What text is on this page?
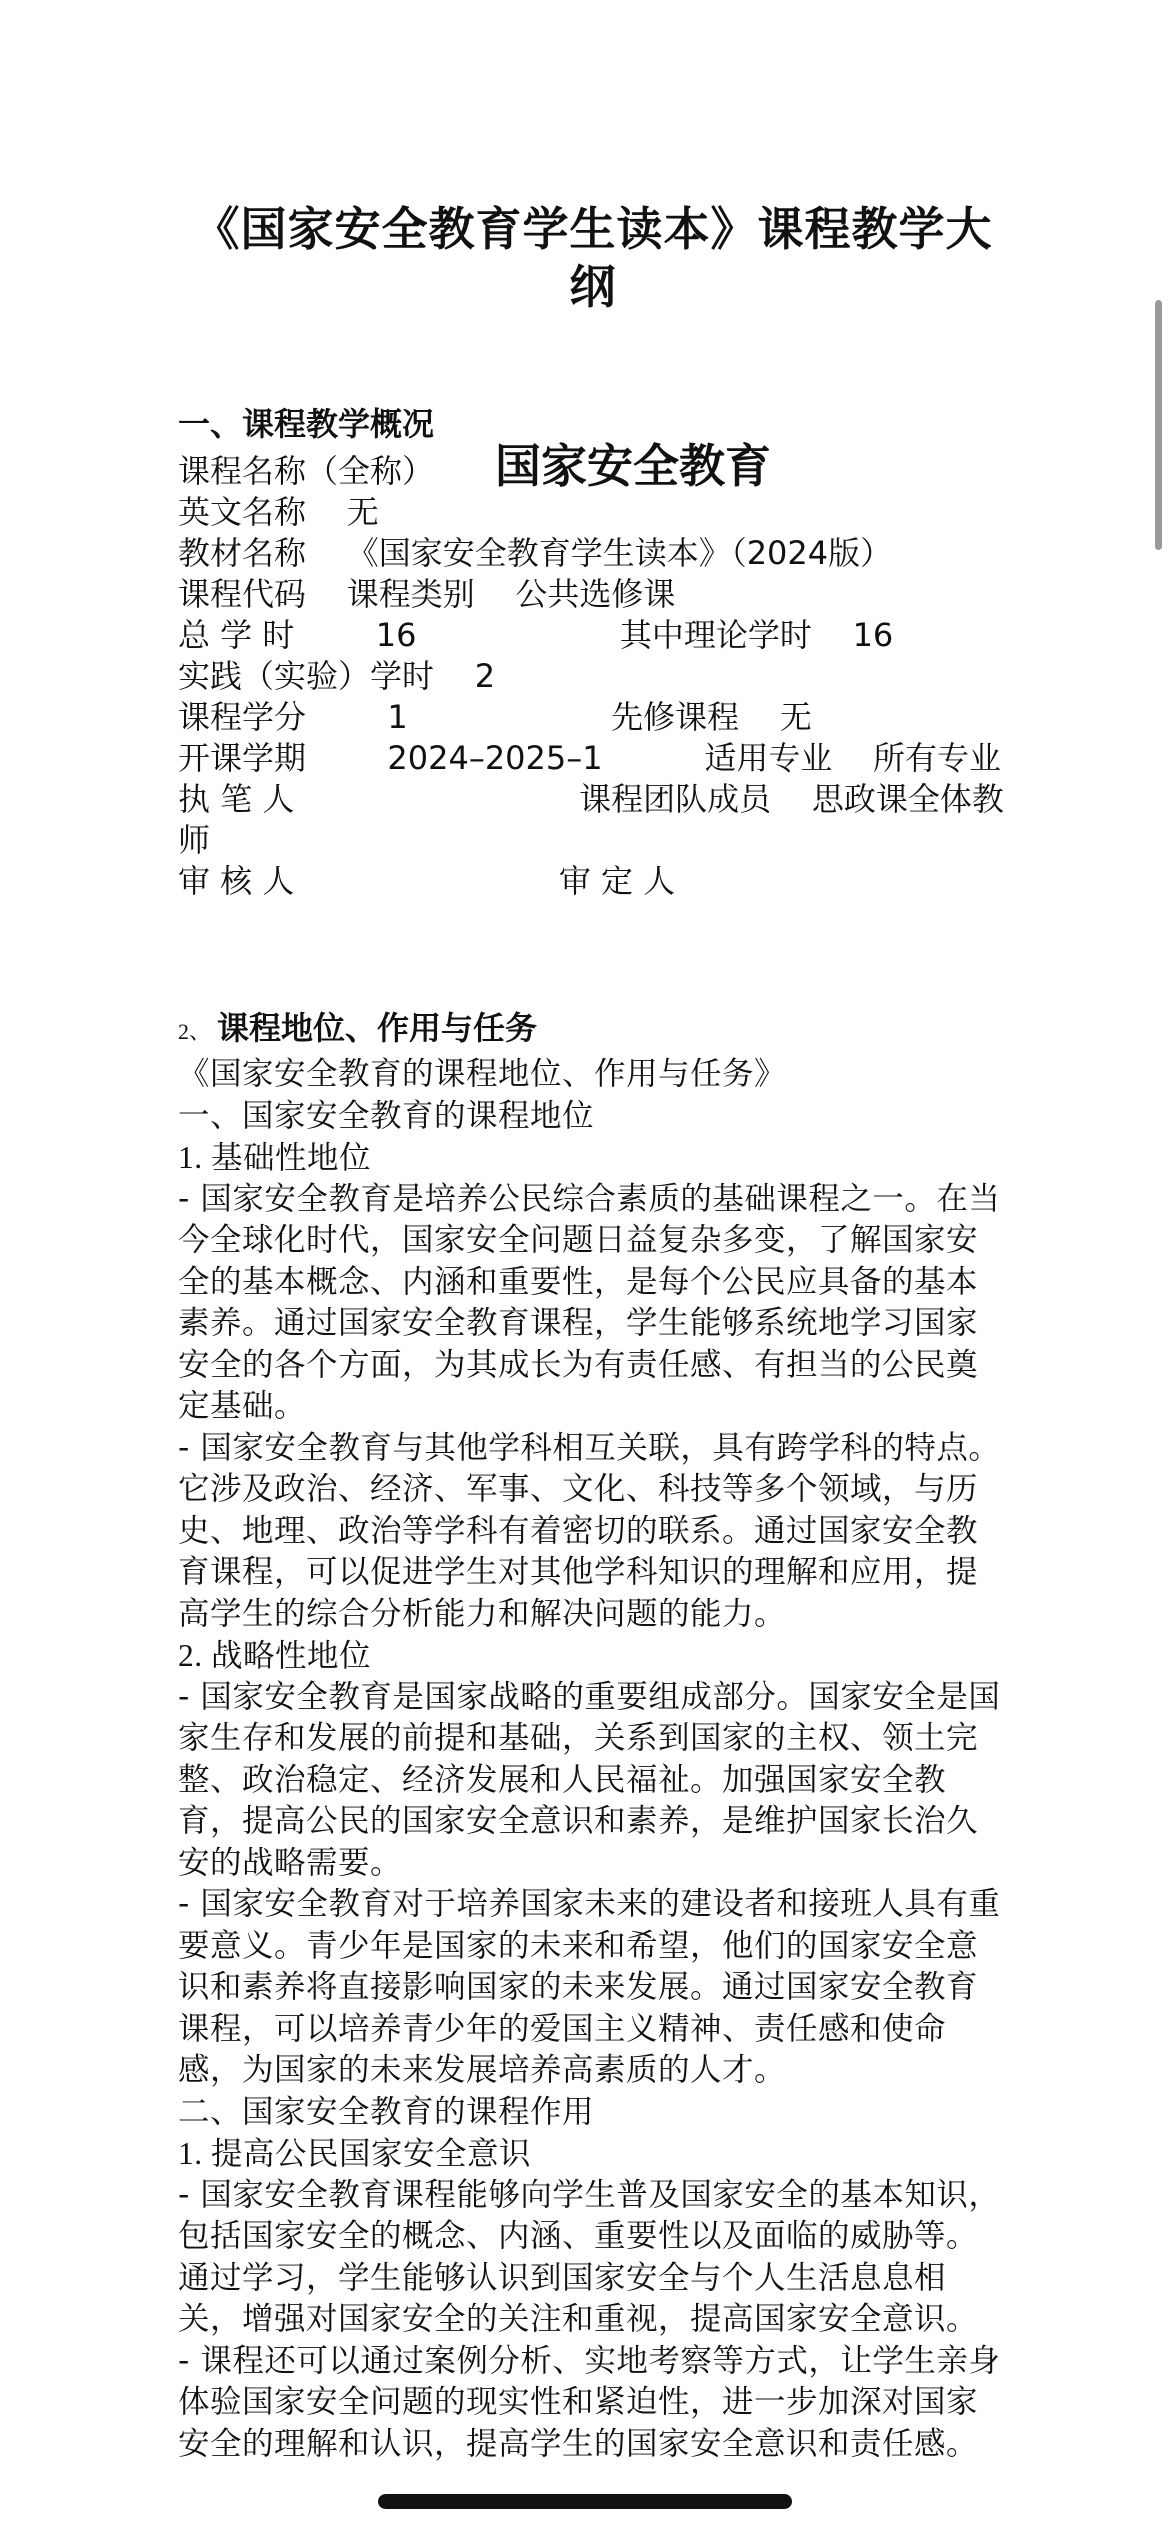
《国家安全教育学生读本》课程教学大纲
一、课程教学概况

课程名称（全称） 国家安全教育

英文名称    无

教材名称    《国家安全教育学生读本》（2024版）

课程代码    课程类别    公共选修课

总 学 时        16                    其中理论学时    16

实践（实验）学时    2

课程学分        1                    先修课程    无

开课学期        2024–2025–1          适用专业    所有专业

执 笔 人                            课程团队成员    思政课全体教师

审 核 人                          审 定 人

2、 课程地位、作用与任务

《国家安全教育的课程地位、作用与任务》

一、国家安全教育的课程地位

1. 基础性地位

- 国家安全教育是培养公民综合素质的基础课程之一。在当今全球化时代，国家安全问题日益复杂多变，了解国家安全的基本概念、内涵和重要性，是每个公民应具备的基本素养。通过国家安全教育课程，学生能够系统地学习国家安全的各个方面，为其成长为有责任感、有担当的公民奠定基础。

- 国家安全教育与其他学科相互关联，具有跨学科的特点。它涉及政治、经济、军事、文化、科技等多个领域，与历史、地理、政治等学科有着密切的联系。通过国家安全教育课程，可以促进学生对其他学科知识的理解和应用，提高学生的综合分析能力和解决问题的能力。

2. 战略性地位

- 国家安全教育是国家战略的重要组成部分。国家安全是国家生存和发展的前提和基础，关系到国家的主权、领土完整、政治稳定、经济发展和人民福祉。加强国家安全教育，提高公民的国家安全意识和素养，是维护国家长治久安的战略需要。

- 国家安全教育对于培养国家未来的建设者和接班人具有重要意义。青少年是国家的未来和希望，他们的国家安全意识和素养将直接影响国家的未来发展。通过国家安全教育课程，可以培养青少年的爱国主义精神、责任感和使命感，为国家的未来发展培养高素质的人才。

二、国家安全教育的课程作用

1. 提高公民国家安全意识

- 国家安全教育课程能够向学生普及国家安全的基本知识，包括国家安全的概念、内涵、重要性以及面临的威胁等。通过学习，学生能够认识到国家安全与个人生活息息相关，增强对国家安全的关注和重视，提高国家安全意识。

- 课程还可以通过案例分析、实地考察等方式，让学生亲身体验国家安全问题的现实性和紧迫性，进一步加深对国家安全的理解和认识，提高学生的国家安全意识和责任感。
